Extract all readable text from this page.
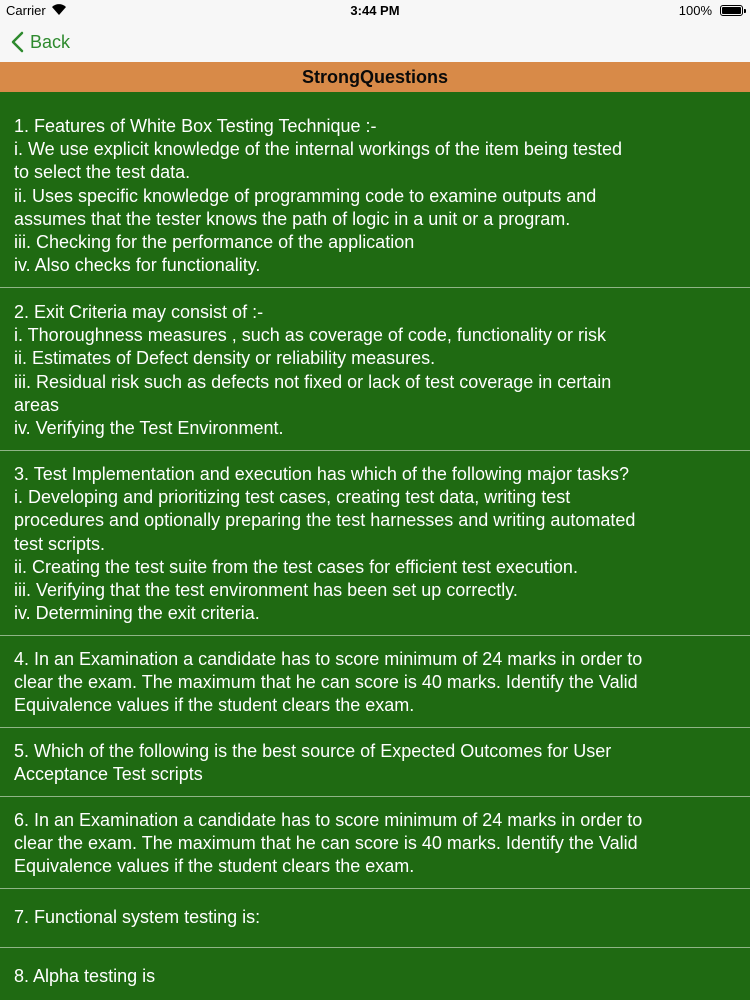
Carrier	3:44 PM	100%
Back
StrongQuestions
1. Features of White Box Testing Technique :-
i. We use explicit knowledge of the internal workings of the item being tested
to select the test data.
ii. Uses specific knowledge of programming code to examine outputs and
assumes that the tester knows the path of logic in a unit or a program.
iii. Checking for the performance of the application
iv. Also checks for functionality.
2. Exit Criteria may consist of :-
i. Thoroughness measures , such as coverage of code, functionality or risk
ii. Estimates of Defect density or reliability measures.
iii. Residual risk such as defects not fixed or lack of test coverage in certain
areas
iv. Verifying the Test Environment.
3. Test Implementation and execution has which of the following major tasks?
i. Developing and prioritizing test cases, creating test data, writing test
procedures and optionally preparing the test harnesses and writing automated
test scripts.
ii. Creating the test suite from the test cases for efficient test execution.
iii. Verifying that the test environment has been set up correctly.
iv. Determining the exit criteria.
4. In an Examination a candidate has to score minimum of 24 marks in order to
clear the exam. The maximum that he can score is 40 marks. Identify the Valid
Equivalence values if the student clears the exam.
5. Which of the following is the best source of Expected Outcomes for User
Acceptance Test scripts
6. In an Examination a candidate has to score minimum of 24 marks in order to
clear the exam. The maximum that he can score is 40 marks. Identify the Valid
Equivalence values if the student clears the exam.
7. Functional system testing is:
8. Alpha testing is
